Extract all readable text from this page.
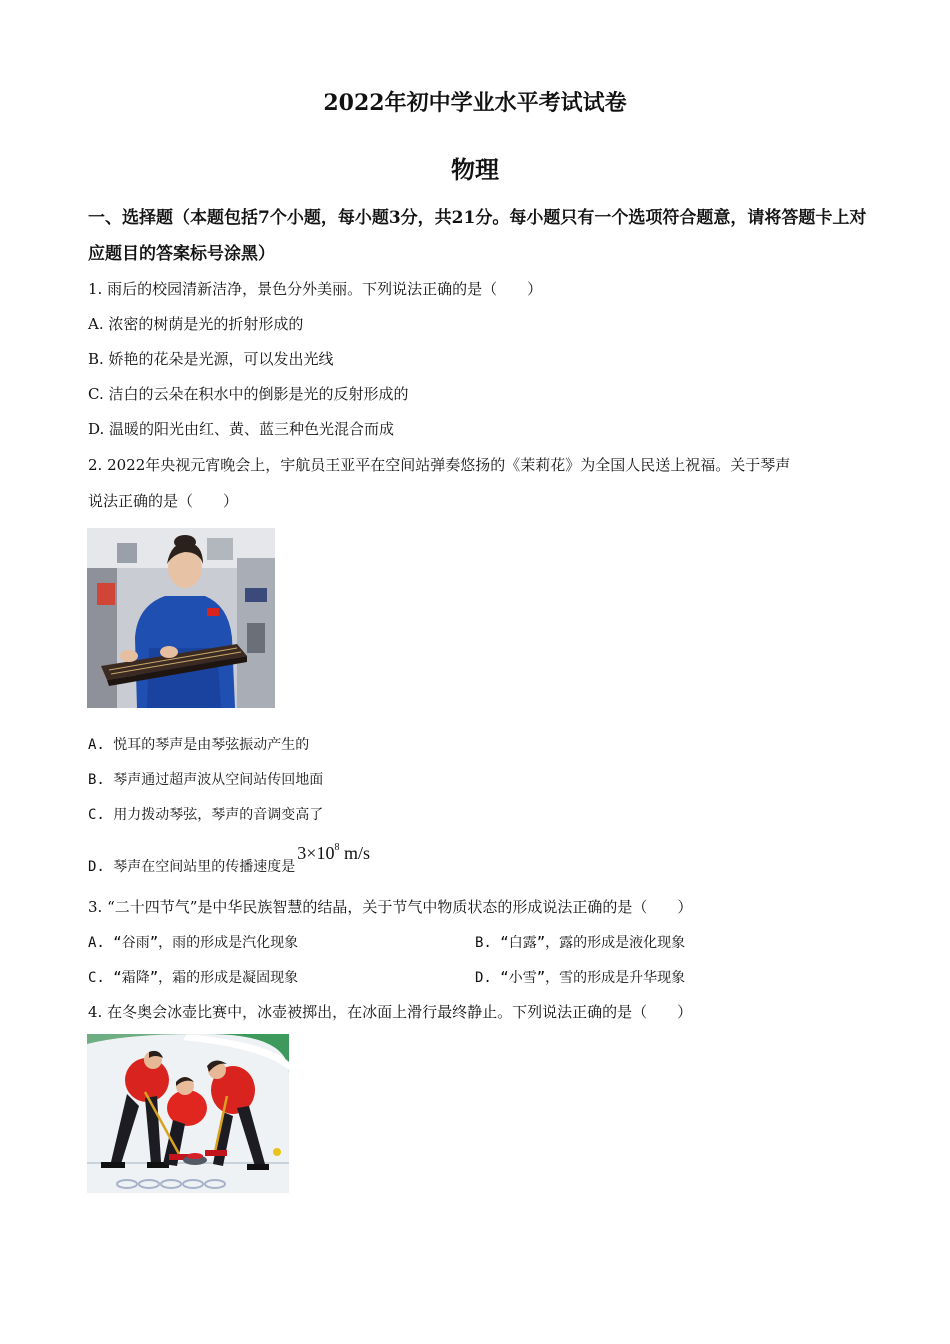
2022年初中学业水平考试试卷
物理
一、选择题（本题包括7个小题，每小题3分，共21分。每小题只有一个选项符合题意，请将答题卡上对应题目的答案标号涂黑）
1. 雨后的校园清新洁净，景色分外美丽。下列说法正确的是（　　）
A. 浓密的树荫是光的折射形成的
B. 娇艳的花朵是光源，可以发出光线
C. 洁白的云朵在积水中的倒影是光的反射形成的
D. 温暖的阳光由红、黄、蓝三种色光混合而成
2. 2022年央视元宵晚会上，宇航员王亚平在空间站弹奏悠扬的《茉莉花》为全国人民送上祝福。关于琴声
说法正确的是（　　）
A. 悦耳的琴声是由琴弦振动产生的
B. 琴声通过超声波从空间站传回地面
C. 用力拨动琴弦，琴声的音调变高了
D. 琴声在空间站里的传播速度是$3\times 10^8$ m/s
3. “二十四节气”是中华民族智慧的结晶，关于节气中物质状态的形成说法正确的是（　　）
A. “谷雨”，雨的形成是汽化现象	B. “白露”，露的形成是液化现象
C. “霜降”，霜的形成是凝固现象	D. “小雪”，雪的形成是升华现象
4. 在冬奥会冰壶比赛中，冰壶被掷出，在冰面上滑行最终静止。下列说法正确的是（　　）
